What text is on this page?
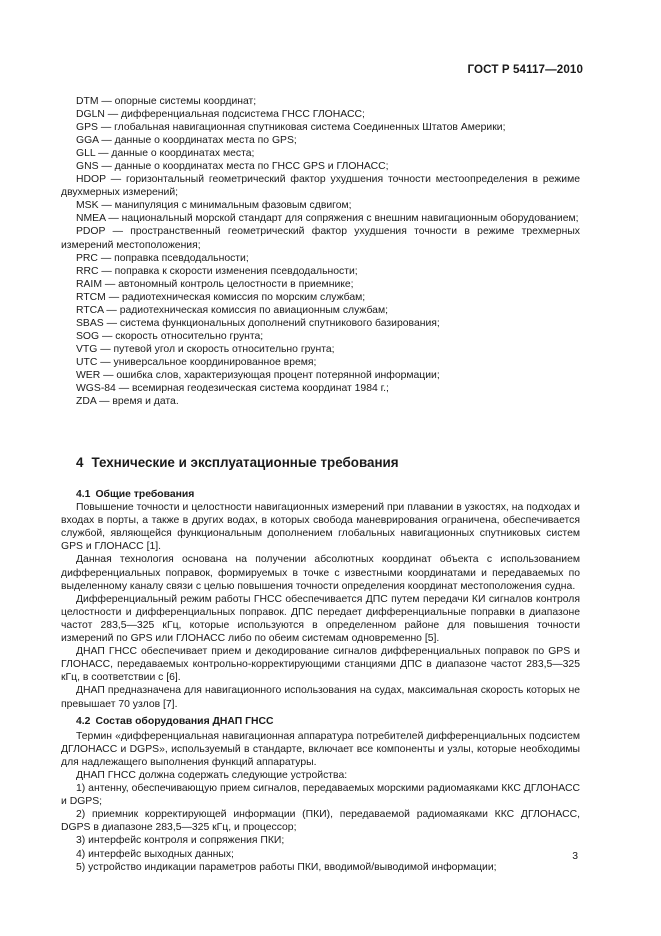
ГОСТ Р 54117—2010
DTM — опорные системы координат;
DGLN — дифференциальная подсистема ГНСС ГЛОНАСС;
GPS — глобальная навигационная спутниковая система Соединенных Штатов Америки;
GGA — данные о координатах места по GPS;
GLL — данные о координатах места;
GNS — данные о координатах места по ГНСС GPS и ГЛОНАСС;
HDOP — горизонтальный геометрический фактор ухудшения точности местоопределения в режиме двухмерных измерений;
MSK — манипуляция с минимальным фазовым сдвигом;
NMEA — национальный морской стандарт для сопряжения с внешним навигационным оборудованием;
PDOP — пространственный геометрический фактор ухудшения точности в режиме трехмерных измерений местоположения;
PRC — поправка псевдодальности;
RRC — поправка к скорости изменения псевдодальности;
RAIM — автономный контроль целостности в приемнике;
RTCM — радиотехническая комиссия по морским службам;
RTCA — радиотехническая комиссия по авиационным службам;
SBAS — система функциональных дополнений спутникового базирования;
SOG — скорость относительно грунта;
VTG — путевой угол и скорость относительно грунта;
UTC — универсальное координированное время;
WER — ошибка слов, характеризующая процент потерянной информации;
WGS-84 — всемирная геодезическая система координат 1984 г.;
ZDA — время и дата.
4 Технические и эксплуатационные требования
4.1 Общие требования

Повышение точности и целостности навигационных измерений при плавании в узкостях, на подходах и входах в порты, а также в других водах, в которых свобода маневрирования ограничена, обеспечивается службой, являющейся функциональным дополнением глобальных навигационных спутниковых систем GPS и ГЛОНАСС [1].

Данная технология основана на получении абсолютных координат объекта с использованием дифференциальных поправок, формируемых в точке с известными координатами и передаваемых по выделенному каналу связи с целью повышения точности определения координат местоположения судна.

Дифференциальный режим работы ГНСС обеспечивается ДПС путем передачи КИ сигналов контроля целостности и дифференциальных поправок. ДПС передает дифференциальные поправки в диапазоне частот 283,5—325 кГц, которые используются в определенном районе для повышения точности измерений по GPS или ГЛОНАСС либо по обеим системам одновременно [5].

ДНАП ГНСС обеспечивает прием и декодирование сигналов дифференциальных поправок по GPS и ГЛОНАСС, передаваемых контрольно-корректирующими станциями ДПС в диапазоне частот 283,5—325 кГц, в соответствии с [6].

ДНАП предназначена для навигационного использования на судах, максимальная скорость которых не превышает 70 узлов [7].

4.2 Состав оборудования ДНАП ГНСС

Термин «дифференциальная навигационная аппаратура потребителей дифференциальных подсистем ДГЛОНАСС и DGPS», используемый в стандарте, включает все компоненты и узлы, которые необходимы для надлежащего выполнения функций аппаратуры.

ДНАП ГНСС должна содержать следующие устройства:

1) антенну, обеспечивающую прием сигналов, передаваемых морскими радиомаяками ККС ДГЛОНАСС и DGPS;

2) приемник корректирующей информации (ПКИ), передаваемой радиомаяками ККС ДГЛОНАСС, DGPS в диапазоне 283,5—325 кГц, и процессор;

3) интерфейс контроля и сопряжения ПКИ;

4) интерфейс выходных данных;

5) устройство индикации параметров работы ПКИ, вводимой/выводимой информации;

3
